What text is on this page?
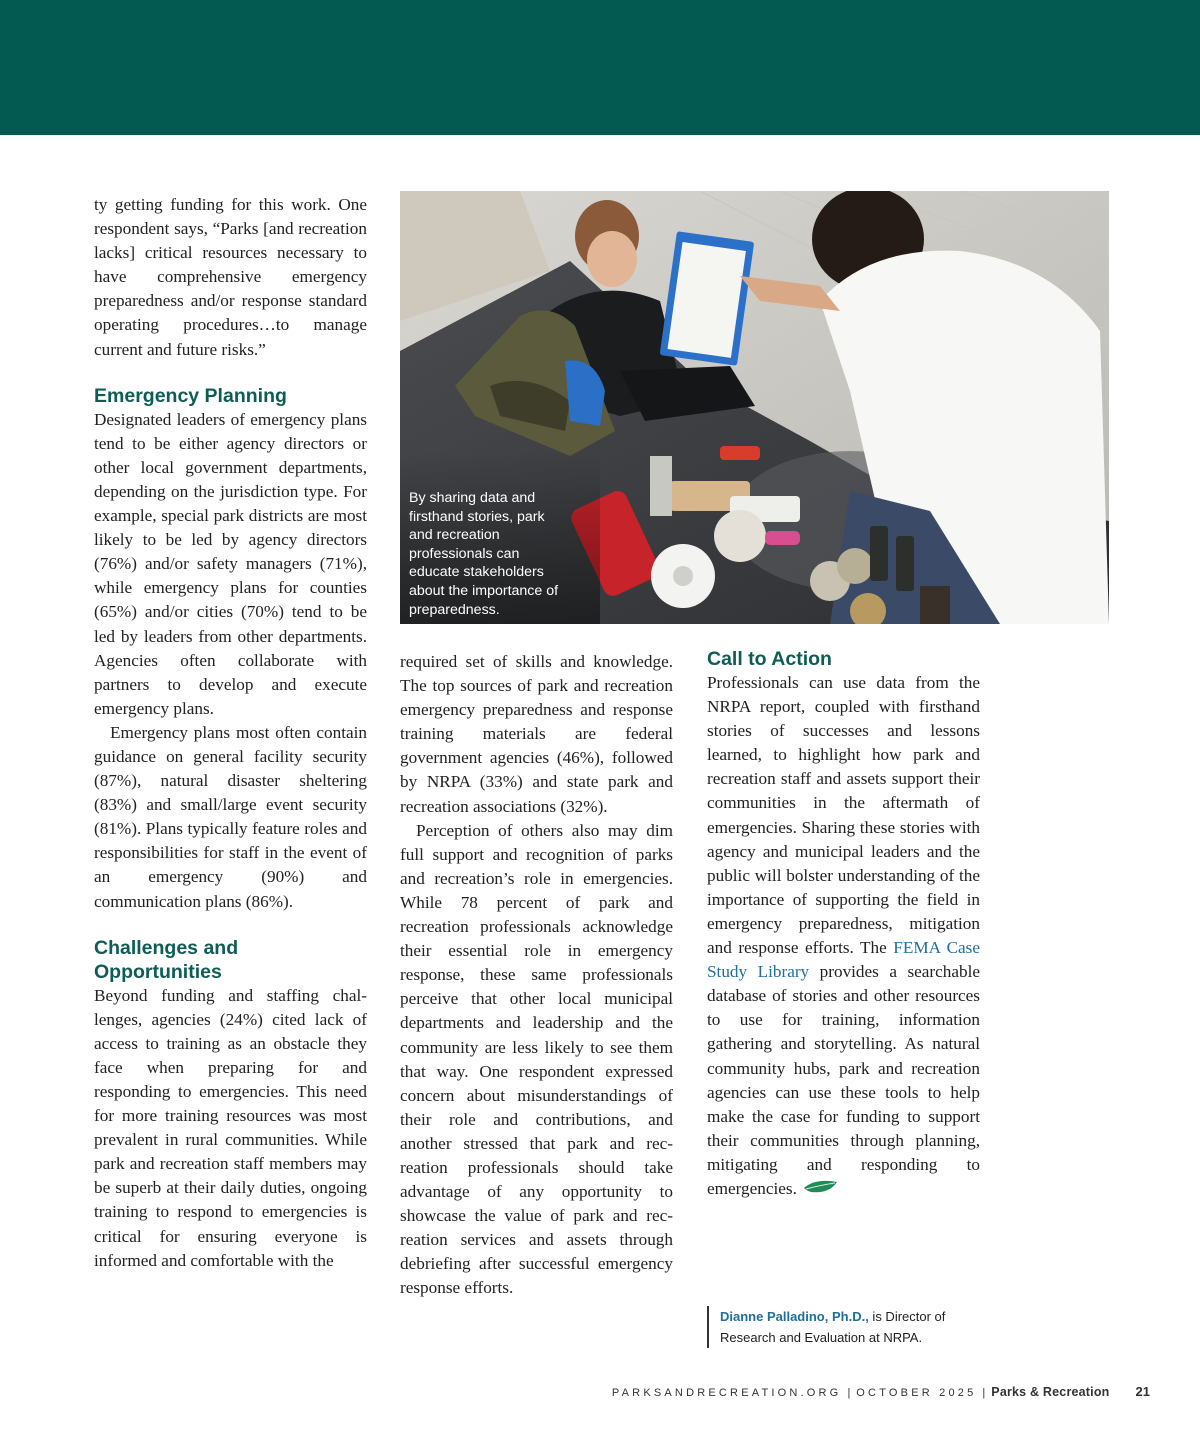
ty getting funding for this work. One respondent says, “Parks [and recreation lacks] critical resources necessary to have comprehensive emergency preparedness and/or response standard operating procedures…to manage current and future risks.”

Emergency Planning

Designated leaders of emergency plans tend to be either agency directors or other local government departments, depending on the jurisdiction type. For example, special park districts are most likely to be led by agency directors (76%) and/or safety managers (71%), while emergency plans for counties (65%) and/or cities (70%) tend to be led by leaders from other departments. Agencies often collaborate with partners to develop and execute emergency plans.

Emergency plans most often contain guidance on general facility security (87%), natural disaster sheltering (83%) and small/large event security (81%). Plans typically feature roles and responsibilities for staff in the event of an emergency (90%) and communication plans (86%).

Challenges and
Opportunities

Beyond funding and staffing challenges, agencies (24%) cited lack of access to training as an obstacle they face when preparing for and responding to emergencies. This need for more training resources was most prevalent in rural communities. While park and recreation staff members may be superb at their daily duties, ongoing training to respond to emergencies is critical for ensuring everyone is informed and comfortable with the

By sharing data and firsthand stories, park and recreation professionals can educate stakeholders about the importance of preparedness.

required set of skills and knowledge. The top sources of park and recreation emergency preparedness and response training materials are federal government agencies (46%), followed by NRPA (33%) and state park and recreation associations (32%).

Perception of others also may dim full support and recognition of parks and recreation’s role in emergencies. While 78 percent of park and recreation professionals acknowledge their essential role in emergency response, these same professionals perceive that other local municipal departments and leadership and the community are less likely to see them that way. One respondent expressed concern about misunderstandings of their role and contributions, and another stressed that park and recreation professionals should take advantage of any opportunity to showcase the value of park and recreation services and assets through debriefing after successful emergency response efforts.

Call to Action

Professionals can use data from the NRPA report, coupled with firsthand stories of successes and lessons learned, to highlight how park and recreation staff and assets support their communities in the aftermath of emergencies. Sharing these stories with agency and municipal leaders and the public will bolster understanding of the importance of supporting the field in emergency preparedness, mitigation and response efforts. The FEMA Case Study Library provides a searchable database of stories and other resources to use for training, information gathering and storytelling. As natural community hubs, park and recreation agencies can use these tools to help make the case for funding to support their communities through planning, mitigating and responding to emergencies.

Dianne Palladino, Ph.D., is Director of Research and Evaluation at NRPA.
PARKSANDRECREATION.ORG | OCTOBER 2025 | Parks & Recreation 21
